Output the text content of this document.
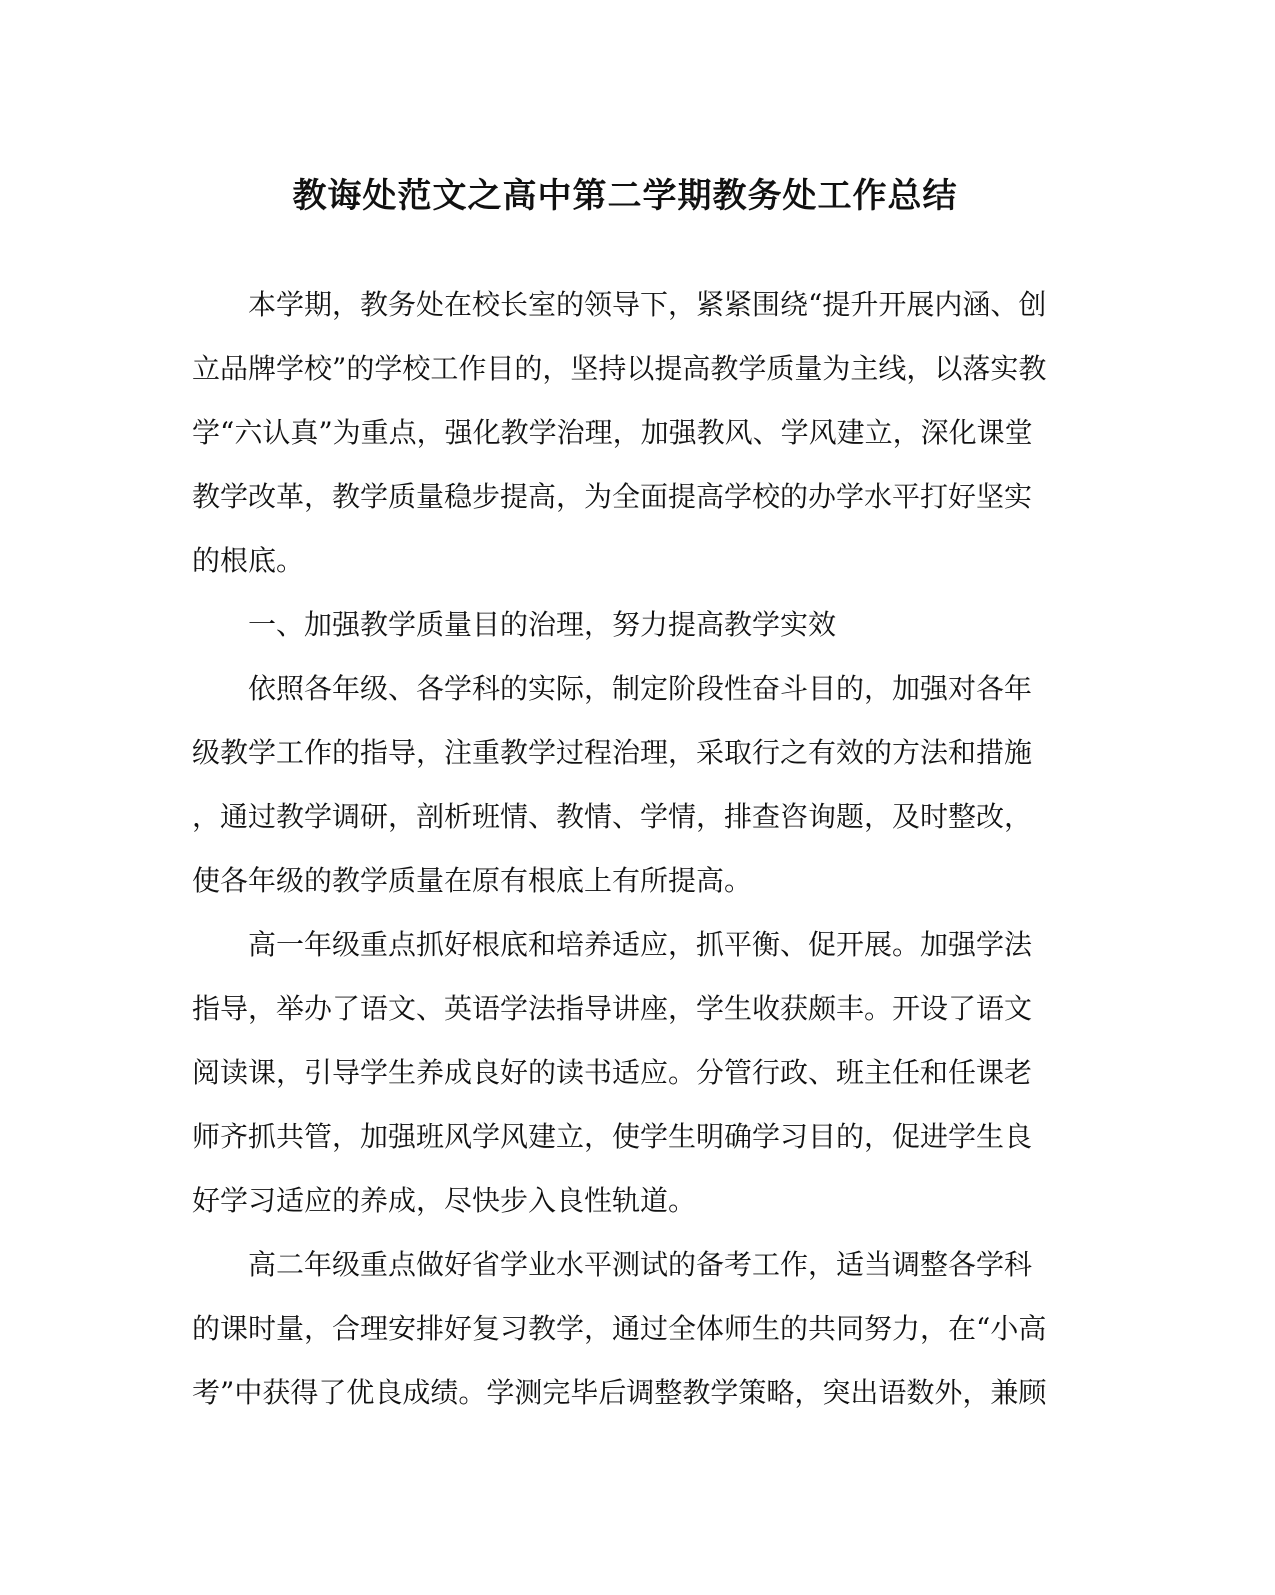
教诲处范文之高中第二学期教务处工作总结

本学期，教务处在校长室的领导下，紧紧围绕“提升开展内涵、创

立品牌学校”的学校工作目的，坚持以提高教学质量为主线，以落实教

学“六认真”为重点，强化教学治理，加强教风、学风建立，深化课堂

教学改革，教学质量稳步提高，为全面提高学校的办学水平打好坚实

的根底。

一、加强教学质量目的治理，努力提高教学实效

依照各年级、各学科的实际，制定阶段性奋斗目的，加强对各年

级教学工作的指导，注重教学过程治理，采取行之有效的方法和措施

，通过教学调研，剖析班情、教情、学情，排查咨询题，及时整改，

使各年级的教学质量在原有根底上有所提高。

高一年级重点抓好根底和培养适应，抓平衡、促开展。加强学法

指导，举办了语文、英语学法指导讲座，学生收获颇丰。开设了语文

阅读课，引导学生养成良好的读书适应。分管行政、班主任和任课老

师齐抓共管，加强班风学风建立，使学生明确学习目的，促进学生良

好学习适应的养成，尽快步入良性轨道。

高二年级重点做好省学业水平测试的备考工作，适当调整各学科

的课时量，合理安排好复习教学，通过全体师生的共同努力，在“小高

考”中获得了优良成绩。学测完毕后调整教学策略，突出语数外，兼顾
